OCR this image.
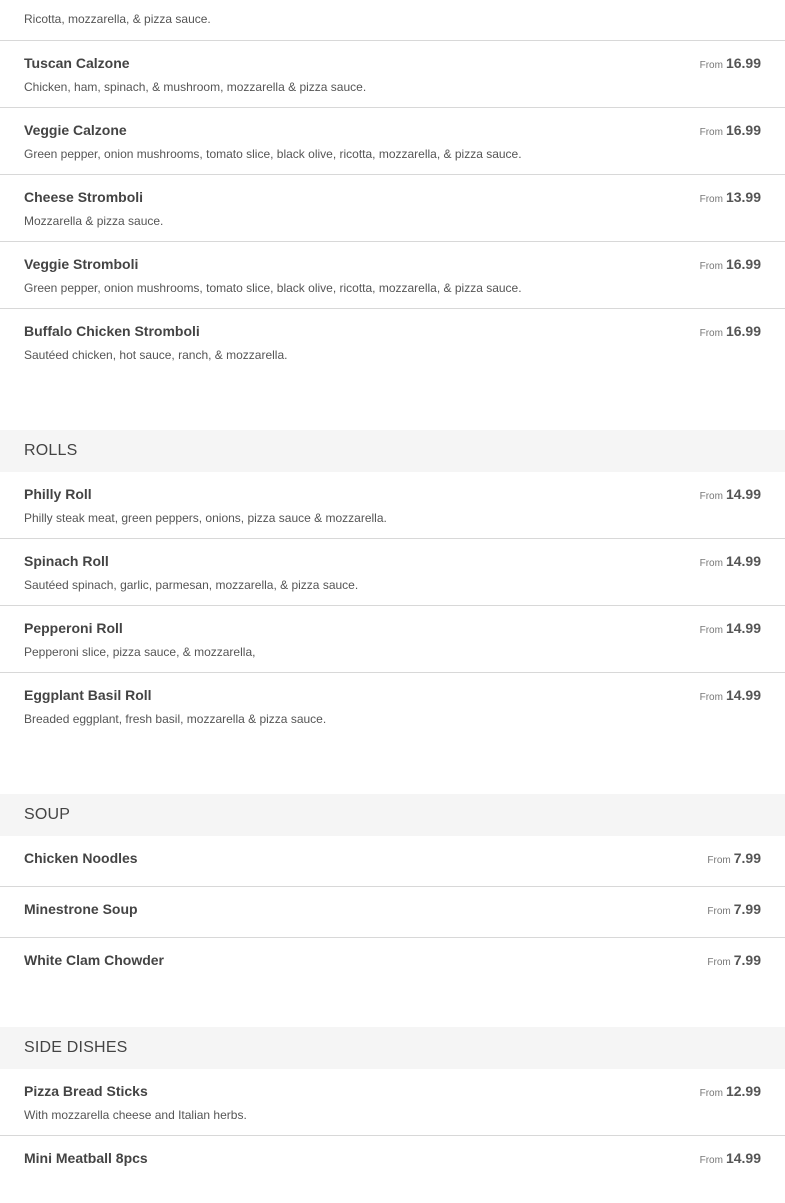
Ricotta, mozzarella, & pizza sauce.
Tuscan Calzone	From 16.99
Chicken, ham, spinach, & mushroom, mozzarella & pizza sauce.
Veggie Calzone	From 16.99
Green pepper, onion mushrooms, tomato slice, black olive, ricotta, mozzarella, & pizza sauce.
Cheese Stromboli	From 13.99
Mozzarella & pizza sauce.
Veggie Stromboli	From 16.99
Green pepper, onion mushrooms, tomato slice, black olive, ricotta, mozzarella, & pizza sauce.
Buffalo Chicken Stromboli	From 16.99
Sautéed chicken, hot sauce, ranch, & mozzarella.
ROLLS
Philly Roll	From 14.99
Philly steak meat, green peppers, onions, pizza sauce & mozzarella.
Spinach Roll	From 14.99
Sautéed spinach, garlic, parmesan, mozzarella, & pizza sauce.
Pepperoni Roll	From 14.99
Pepperoni slice, pizza sauce, & mozzarella,
Eggplant Basil Roll	From 14.99
Breaded eggplant, fresh basil, mozzarella & pizza sauce.
SOUP
Chicken Noodles	From 7.99
Minestrone Soup	From 7.99
White Clam Chowder	From 7.99
SIDE DISHES
Pizza Bread Sticks	From 12.99
With mozzarella cheese and Italian herbs.
Mini Meatball 8pcs	From 14.99
